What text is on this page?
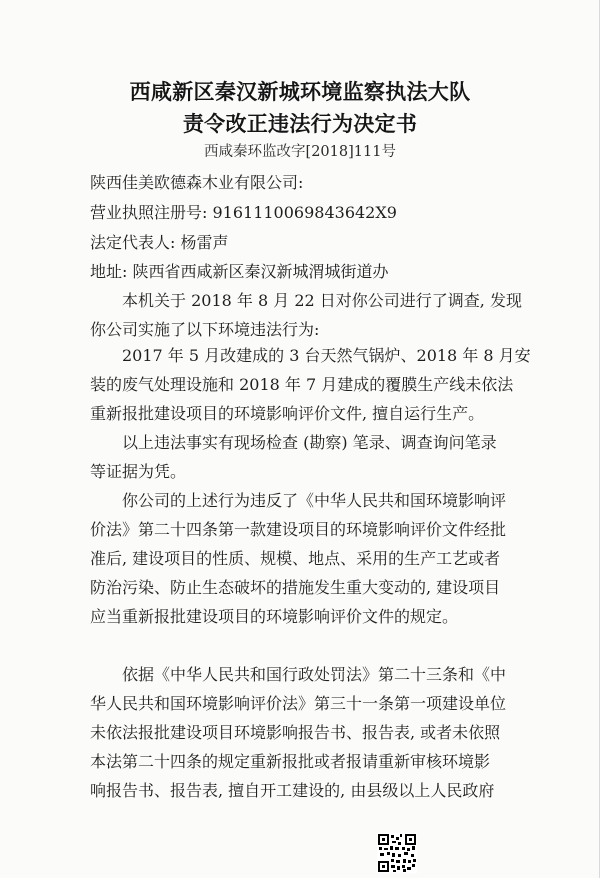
西咸新区秦汉新城环境监察执法大队
责令改正违法行为决定书
西咸秦环监改字[2018]111号
陕西佳美欧德森木业有限公司:
营业执照注册号: 9161110069843642X9
法定代表人: 杨雷声
地址: 陕西省西咸新区秦汉新城渭城街道办
本机关于 2018 年 8 月 22 日对你公司进行了调查, 发现
你公司实施了以下环境违法行为:
2017 年 5 月改建成的 3 台天然气锅炉、2018 年 8 月安
装的废气处理设施和 2018 年 7 月建成的覆膜生产线未依法
重新报批建设项目的环境影响评价文件, 擅自运行生产。
以上违法事实有现场检查 (勘察) 笔录、调查询问笔录
等证据为凭。
你公司的上述行为违反了《中华人民共和国环境影响评
价法》第二十四条第一款建设项目的环境影响评价文件经批
准后, 建设项目的性质、规模、地点、采用的生产工艺或者
防治污染、防止生态破坏的措施发生重大变动的, 建设项目
应当重新报批建设项目的环境影响评价文件的规定。
依据《中华人民共和国行政处罚法》第二十三条和《中
华人民共和国环境影响评价法》第三十一条第一项建设单位
未依法报批建设项目环境影响报告书、报告表, 或者未依照
本法第二十四条的规定重新报批或者报请重新审核环境影
响报告书、报告表, 擅自开工建设的, 由县级以上人民政府
